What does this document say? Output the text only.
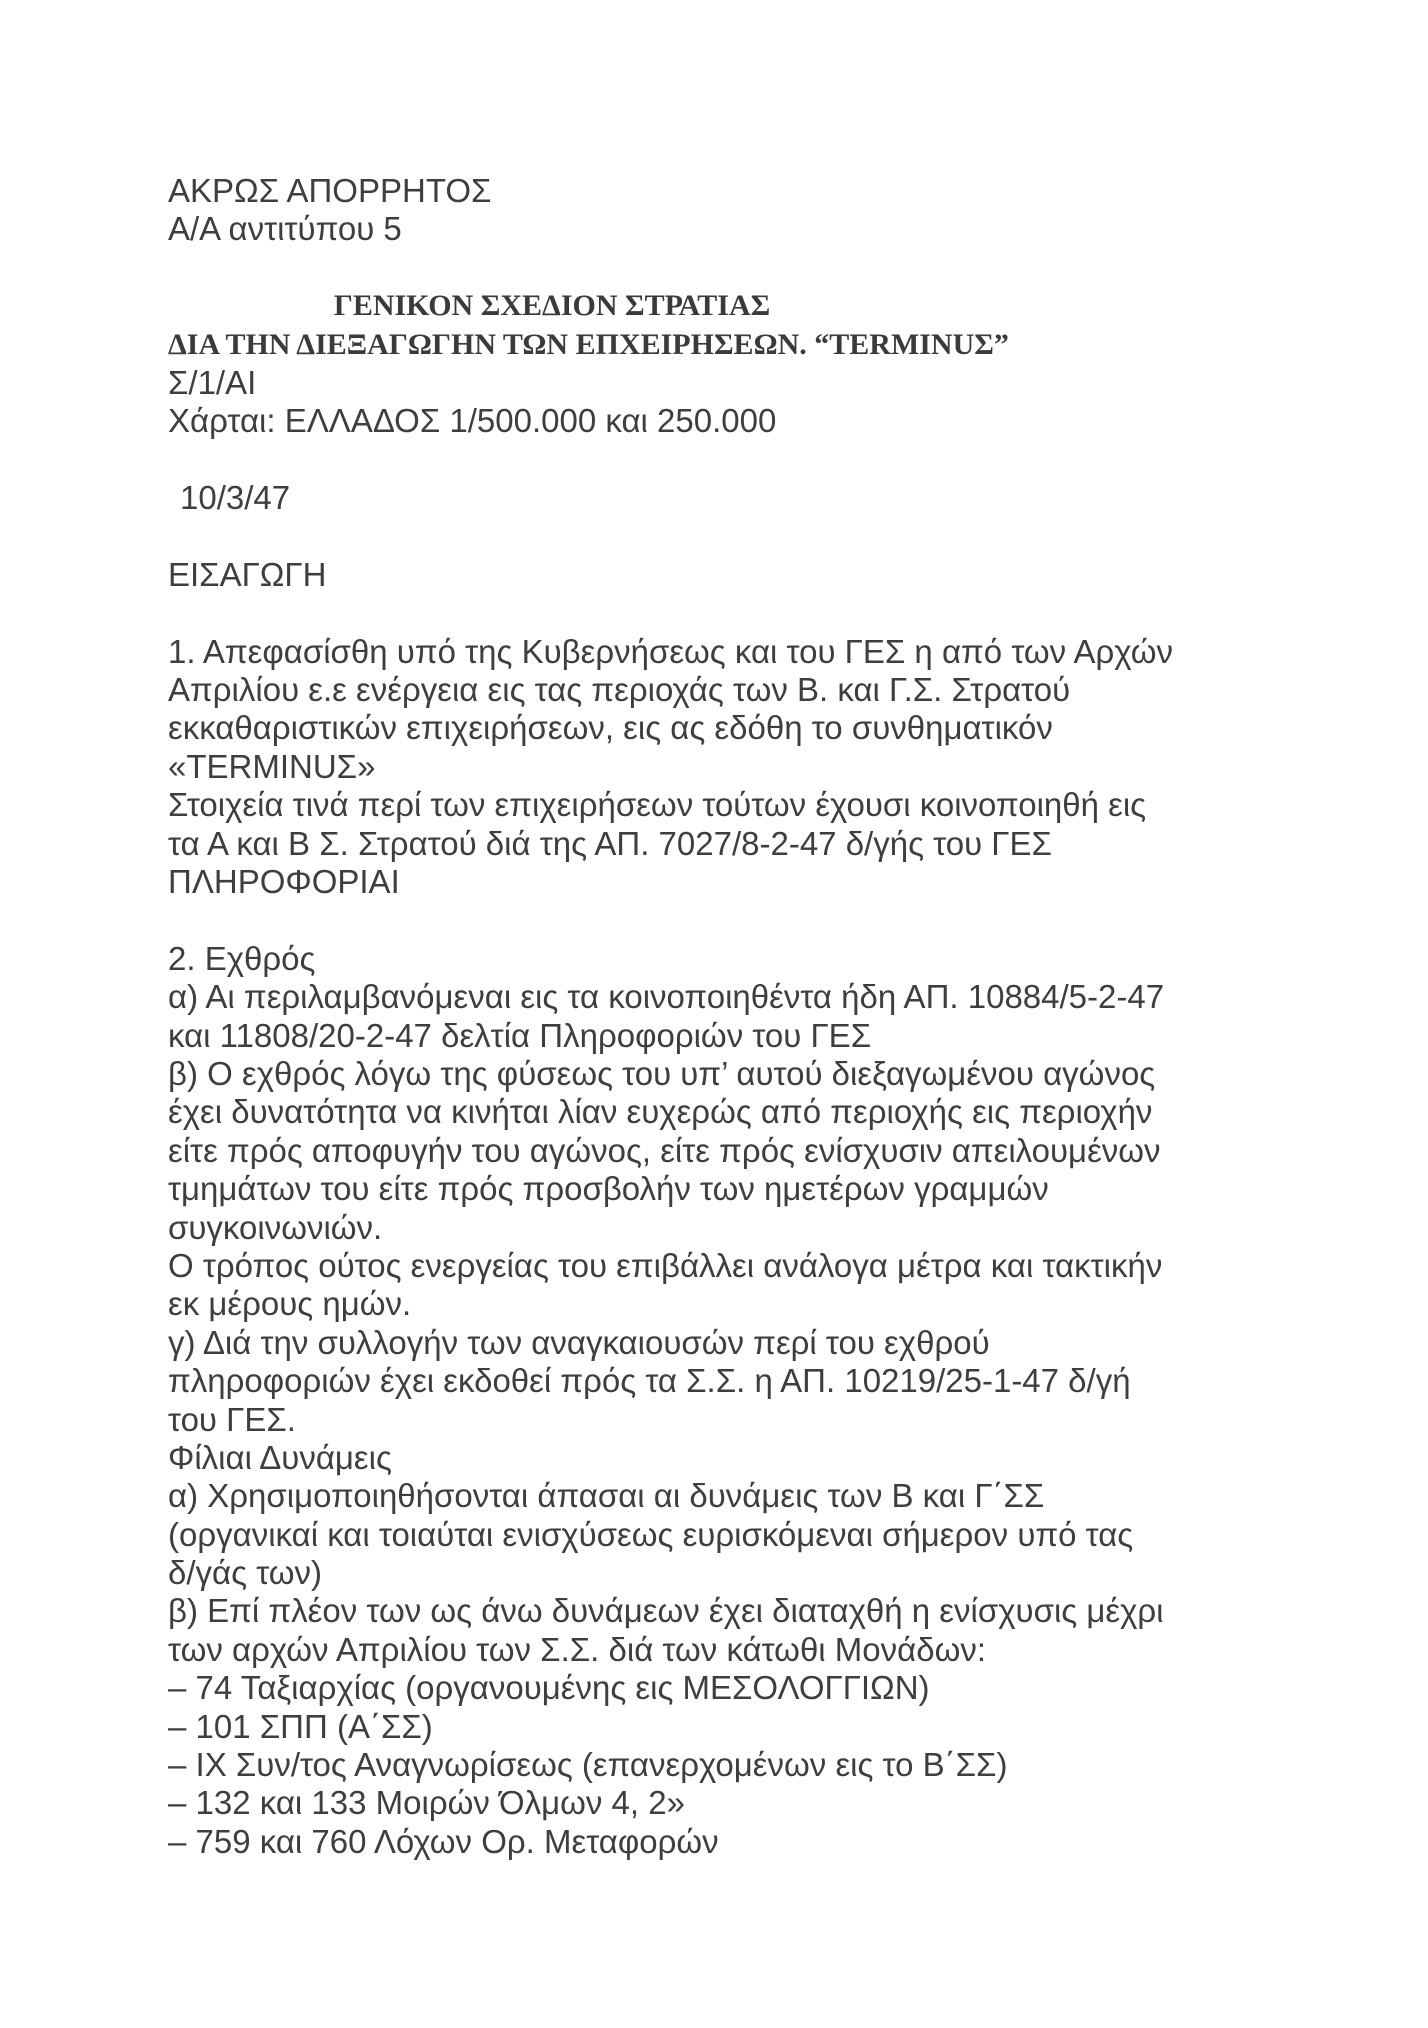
ΑΚΡΩΣ ΑΠΟΡΡΗΤΟΣ
Α/Α αντιτύπου 5
ΓΕΝΙΚΟΝ ΣΧΕΔΙΟΝ ΣΤΡΑΤΙΑΣ
ΔΙΑ ΤΗΝ ΔΙΕΞΑΓΩΓΗΝ ΤΩΝ ΕΠΧΕΙΡΗΣΕΩΝ. “TERMINUΣ”
Σ/1/ΑΙ
Χάρται: ΕΛΛΑΔΟΣ 1/500.000 και 250.000
10/3/47
ΕΙΣΑΓΩΓΗ
1. Απεφασίσθη υπό της Κυβερνήσεως και του ΓΕΣ η από των Αρχών
Απριλίου ε.ε ενέργεια εις τας περιοχάς των Β. και Γ.Σ. Στρατού
εκκαθαριστικών επιχειρήσεων, εις ας εδόθη το συνθηματικόν
«TERMINUΣ»
Στοιχεία τινά περί των επιχειρήσεων τούτων έχουσι κοινοποιηθή εις
τα Α και Β Σ. Στρατού διά της ΑΠ. 7027/8-2-47 δ/γής του ΓΕΣ
ΠΛΗΡΟΦΟΡΙΑΙ
2. Εχθρός
α) Αι περιλαμβανόμεναι εις τα κοινοποιηθέντα ήδη ΑΠ. 10884/5-2-47
και 11808/20-2-47 δελτία Πληροφοριών του ΓΕΣ
β) Ο εχθρός λόγω της φύσεως του υπ’ αυτού διεξαγωμένου αγώνος
έχει δυνατότητα να κινήται λίαν ευχερώς από περιοχής εις περιοχήν
είτε πρός αποφυγήν του αγώνος, είτε πρός ενίσχυσιν απειλουμένων
τμημάτων του είτε πρός προσβολήν των ημετέρων γραμμών
συγκοινωνιών.
Ο τρόπος ούτος ενεργείας του επιβάλλει ανάλογα μέτρα και τακτικήν
εκ μέρους ημών.
γ) Διά την συλλογήν των αναγκαιουσών περί του εχθρού
πληροφοριών έχει εκδοθεί πρός τα Σ.Σ. η ΑΠ. 10219/25-1-47 δ/γή
του ΓΕΣ.
Φίλιαι Δυνάμεις
α) Χρησιμοποιηθήσονται άπασαι αι δυνάμεις των Β και Γ΄ΣΣ
(οργανικαί και τοιαύται ενισχύσεως ευρισκόμεναι σήμερον υπό τας
δ/γάς των)
β) Επί πλέον των ως άνω δυνάμεων έχει διαταχθή η ενίσχυσις μέχρι
των αρχών Απριλίου των Σ.Σ. διά των κάτωθι Μονάδων:
– 74 Ταξιαρχίας (οργανουμένης εις ΜΕΣΟΛΟΓΓΙΩΝ)
– 101 ΣΠΠ (Α΄ΣΣ)
– ΙΧ Συν/τος Αναγνωρίσεως (επανερχομένων εις το Β΄ΣΣ)
– 132 και 133 Μοιρών Όλμων 4, 2»
– 759 και 760 Λόχων Ορ. Μεταφορών
